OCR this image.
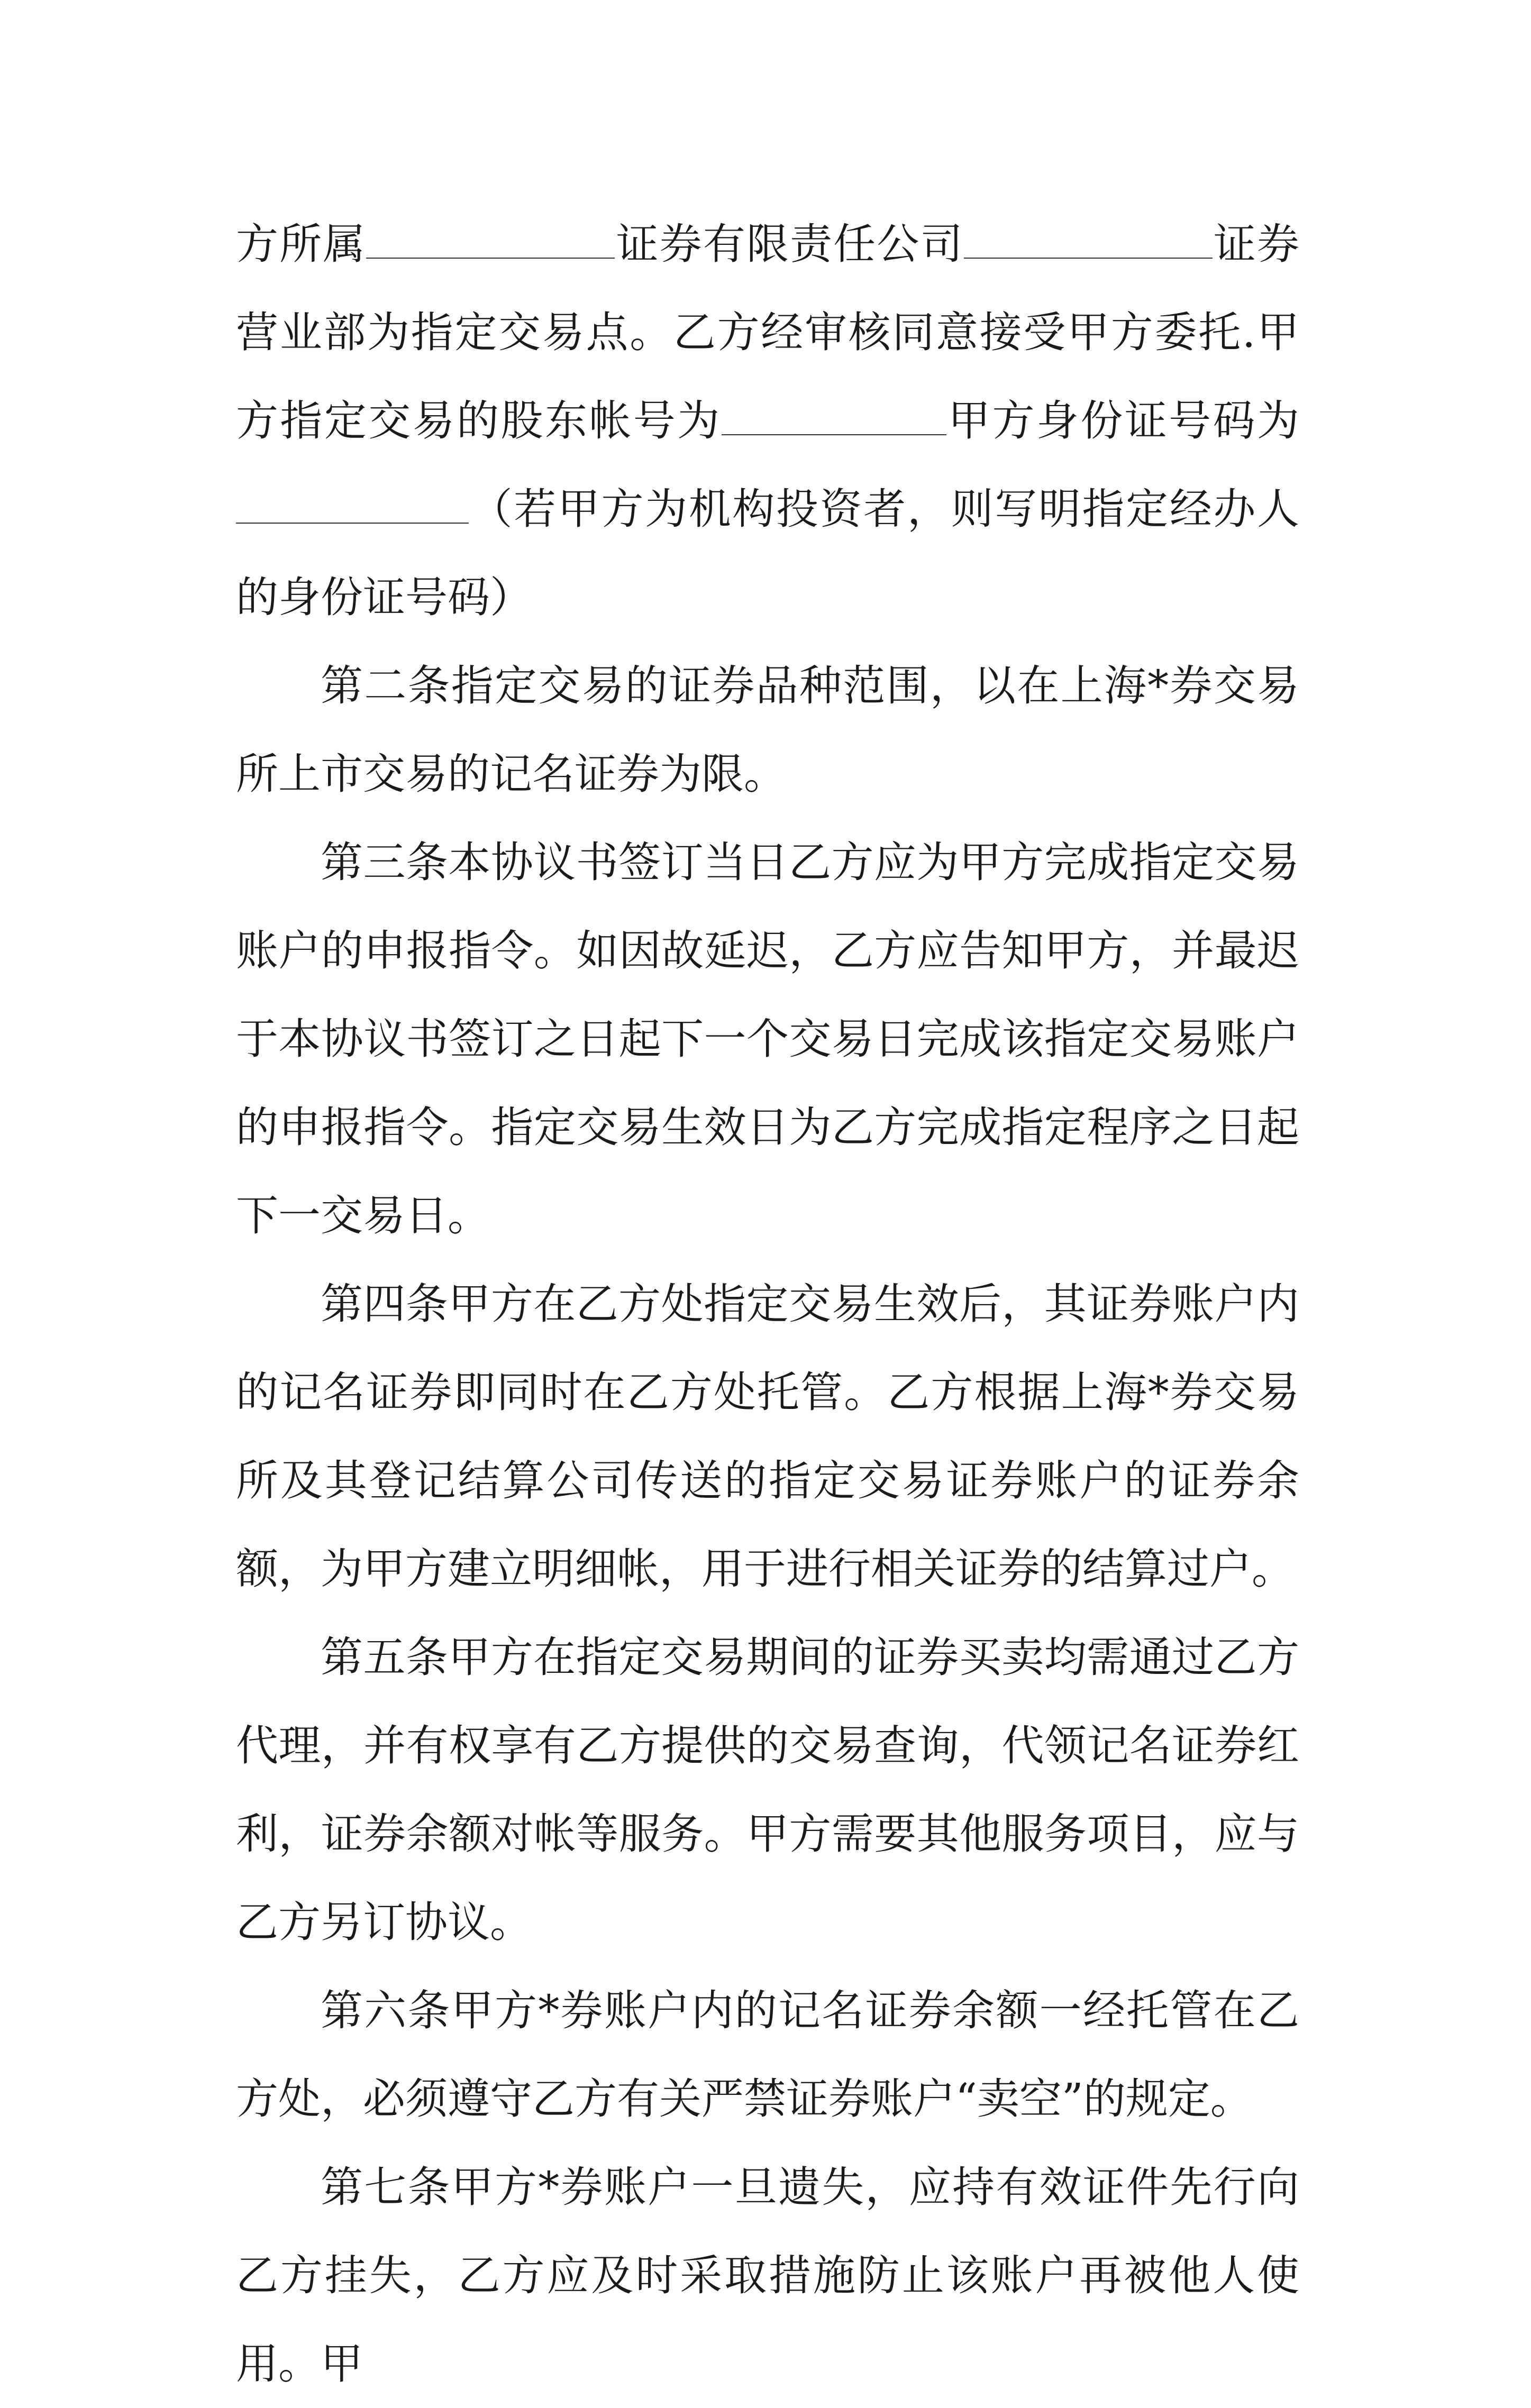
方所属	证券有限责任公司	证券营业部为指定交易点。乙方经审核同意接受甲方委托.甲方指定交易的股东帐号为	甲方身份证号码为（若甲方为机构投资者，则写明指定经办人的身份证号码）

第二条指定交易的证券品种范围，以在上海*券交易所上市交易的记名证券为限。

第三条本协议书签订当日乙方应为甲方完成指定交易账户的申报指令。如因故延迟，乙方应告知甲方，并最迟于本协议书签订之日起下一个交易日完成该指定交易账户的申报指令。指定交易生效日为乙方完成指定程序之日起下一交易日。

第四条甲方在乙方处指定交易生效后，其证券账户内的记名证券即同时在乙方处托管。乙方根据上海*券交易所及其登记结算公司传送的指定交易证券账户的证券余额，为甲方建立明细帐，用于进行相关证券的结算过户。

第五条甲方在指定交易期间的证券买卖均需通过乙方代理，并有权享有乙方提供的交易查询，代领记名证券红利，证券余额对帐等服务。甲方需要其他服务项目，应与乙方另订协议。

第六条甲方*券账户内的记名证券余额一经托管在乙方处，必须遵守乙方有关严禁证券账户“卖空”的规定。

第七条甲方*券账户一旦遗失，应持有效证件先行向乙方挂失，乙方应及时采取措施防止该账户再被他人使用。甲
